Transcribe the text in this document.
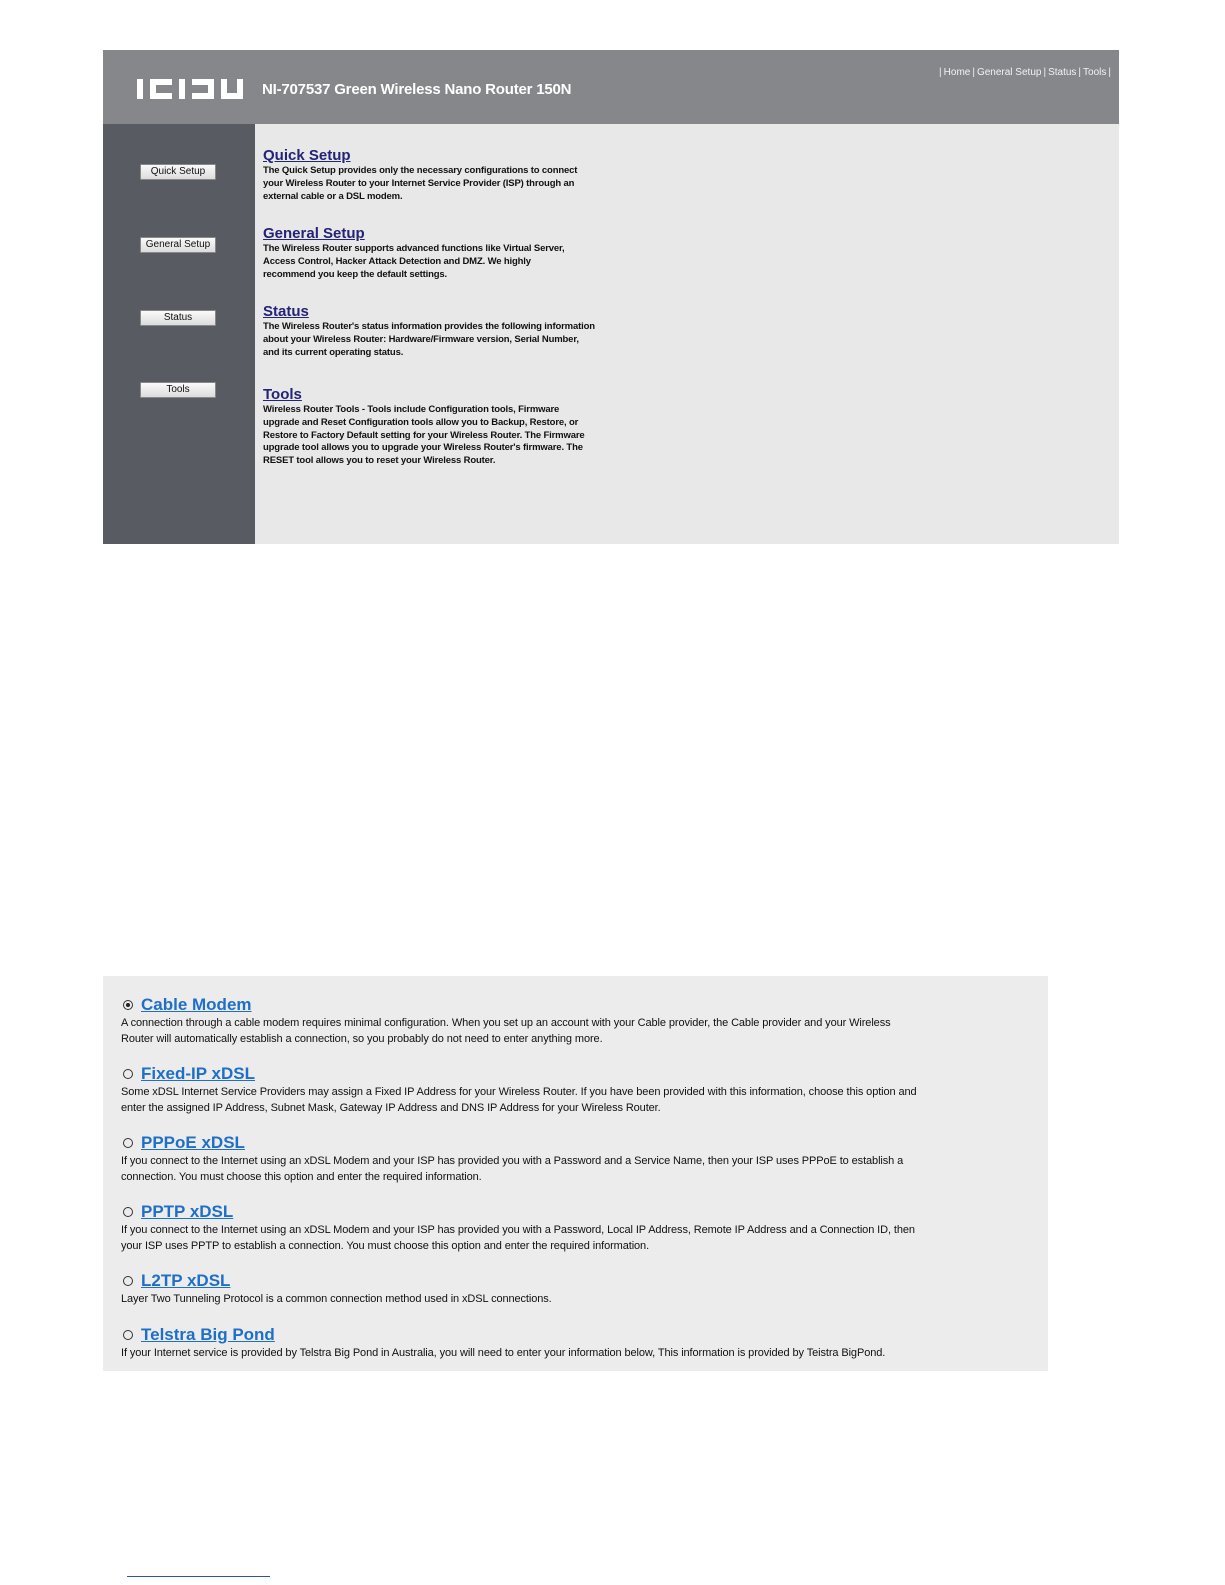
NI-707537 Green Wireless Nano Router 150N
| Home | General Setup | Status | Tools |
Quick Setup
General Setup
Status
Tools
Quick Setup
The Quick Setup provides only the necessary configurations to connect
your Wireless Router to your Internet Service Provider (ISP) through an
external cable or a DSL modem.
General Setup
The Wireless Router supports advanced functions like Virtual Server,
Access Control, Hacker Attack Detection and DMZ. We highly
recommend you keep the default settings.
Status
The Wireless Router's status information provides the following information
about your Wireless Router: Hardware/Firmware version, Serial Number,
and its current operating status.
Tools
Wireless Router Tools - Tools include Configuration tools, Firmware
upgrade and Reset Configuration tools allow you to Backup, Restore, or
Restore to Factory Default setting for your Wireless Router. The Firmware
upgrade tool allows you to upgrade your Wireless Router's firmware. The
RESET tool allows you to reset your Wireless Router.
Cable Modem
A connection through a cable modem requires minimal configuration. When you set up an account with your Cable provider, the Cable provider and your Wireless
Router will automatically establish a connection, so you probably do not need to enter anything more.
Fixed-IP xDSL
Some xDSL Internet Service Providers may assign a Fixed IP Address for your Wireless Router. If you have been provided with this information, choose this option and
enter the assigned IP Address, Subnet Mask, Gateway IP Address and DNS IP Address for your Wireless Router.
PPPoE xDSL
If you connect to the Internet using an xDSL Modem and your ISP has provided you with a Password and a Service Name, then your ISP uses PPPoE to establish a
connection. You must choose this option and enter the required information.
PPTP xDSL
If you connect to the Internet using an xDSL Modem and your ISP has provided you with a Password, Local IP Address, Remote IP Address and a Connection ID, then
your ISP uses PPTP to establish a connection. You must choose this option and enter the required information.
L2TP xDSL
Layer Two Tunneling Protocol is a common connection method used in xDSL connections.
Telstra Big Pond
If your Internet service is provided by Telstra Big Pond in Australia, you will need to enter your information below, This information is provided by Teistra BigPond.
